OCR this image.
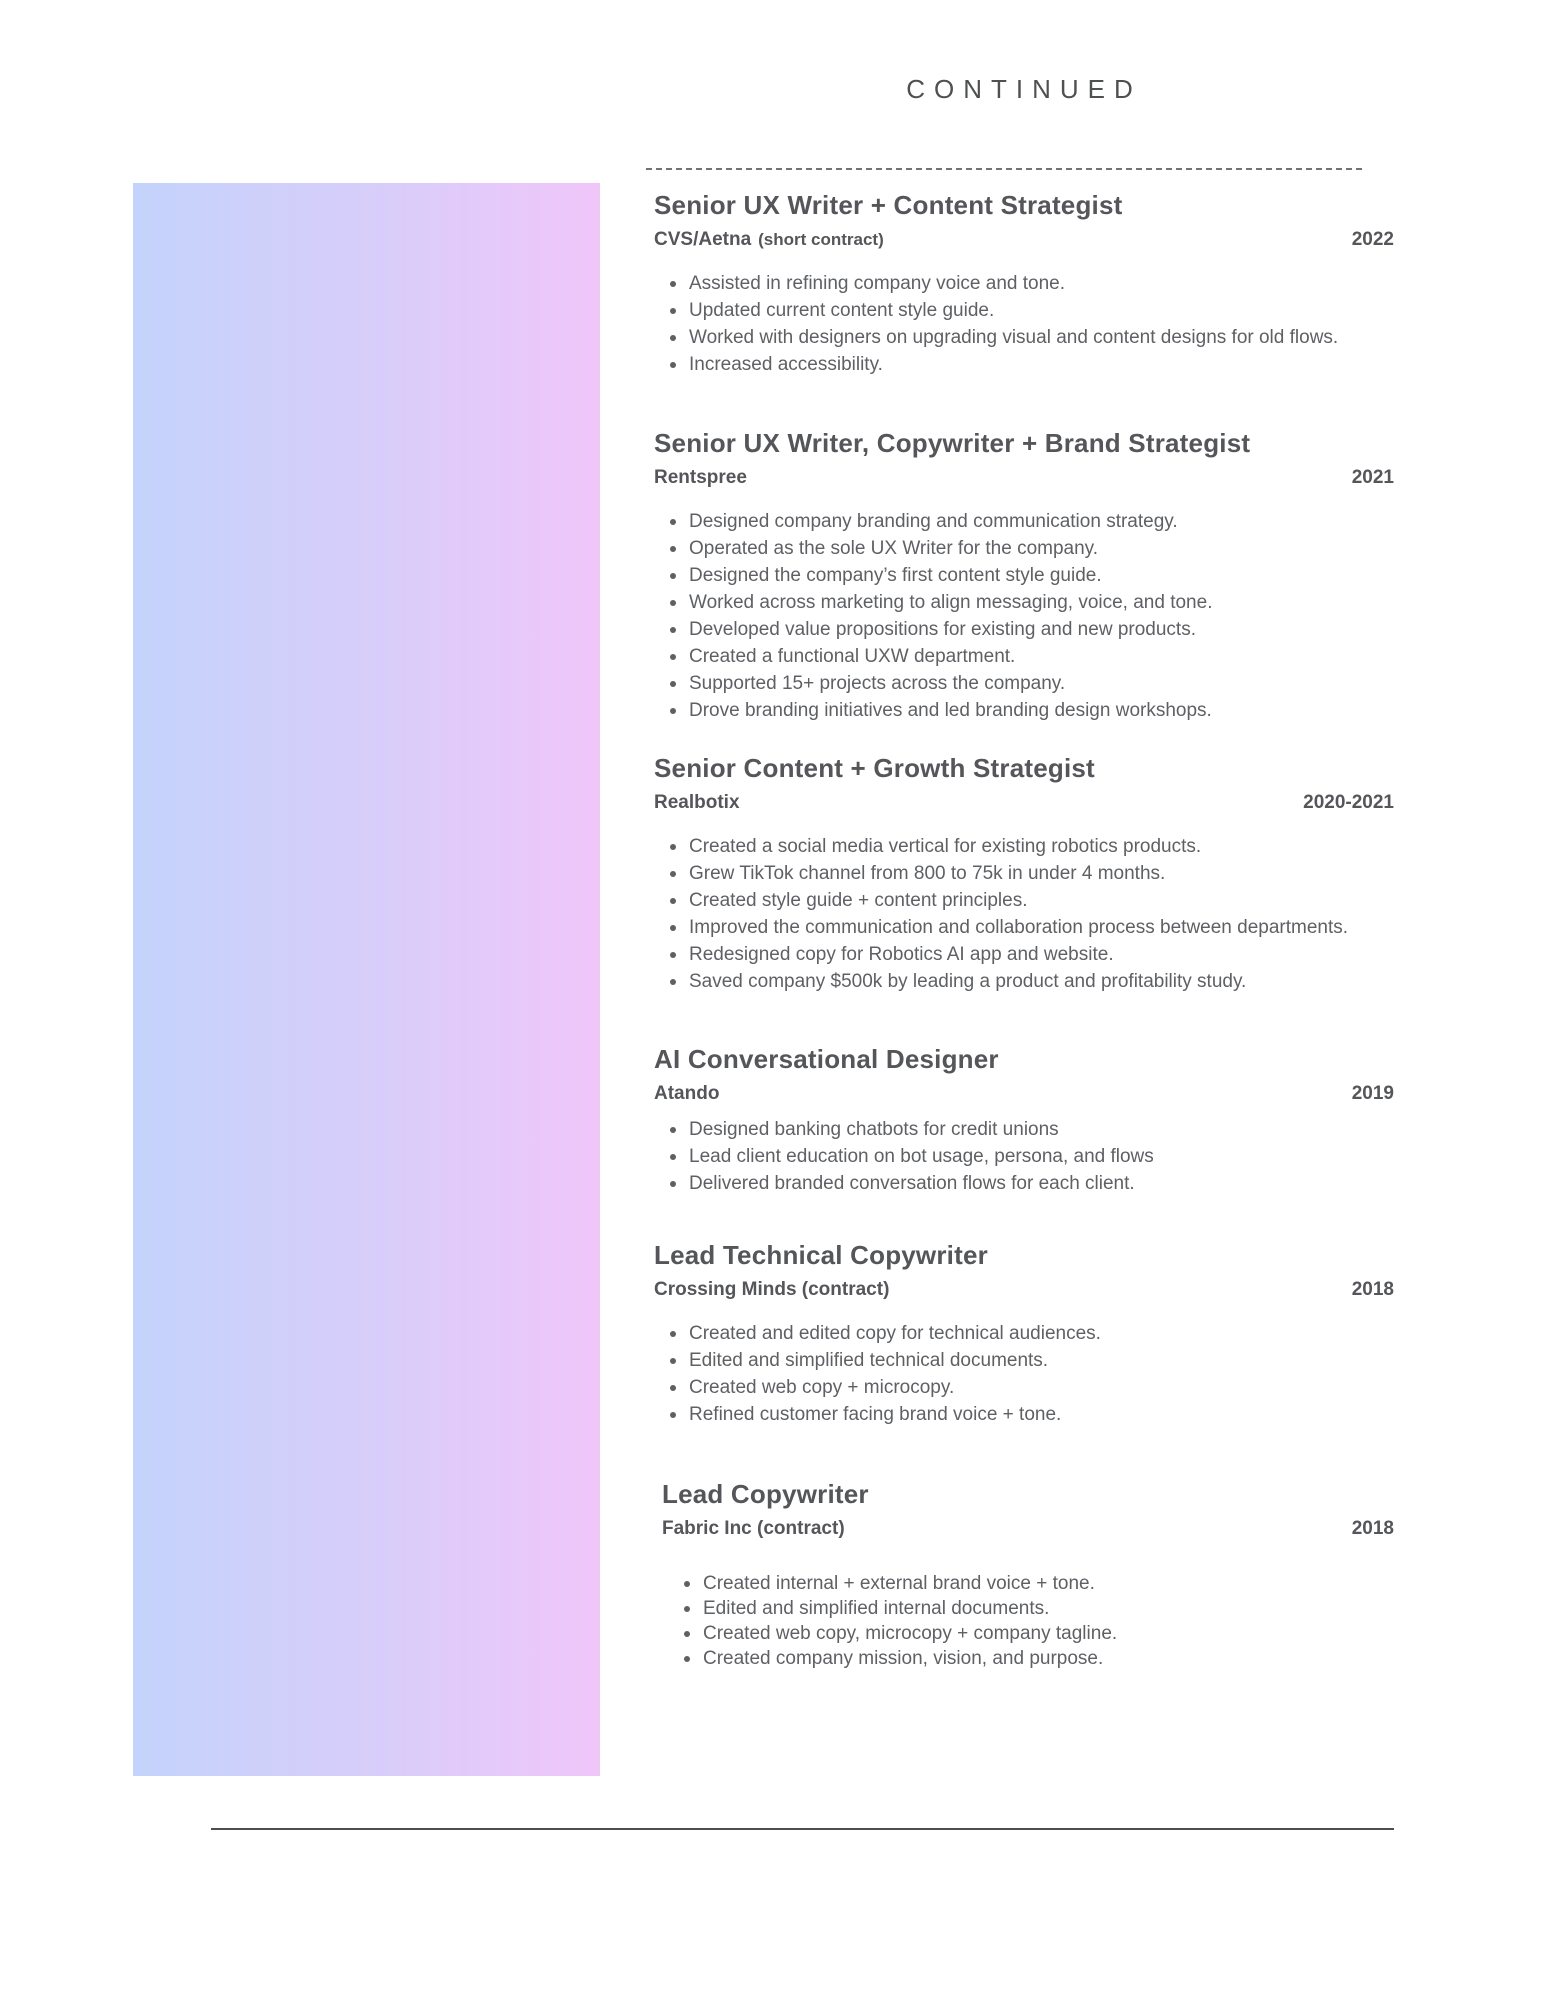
CONTINUED
Senior UX Writer + Content Strategist
CVS/Aetna (short contract)	2022
Assisted in refining company voice and tone.
Updated current content style guide.
Worked with designers on upgrading visual and content designs for old flows.
Increased accessibility.
Senior UX Writer, Copywriter + Brand Strategist
Rentspree	2021
Designed company branding and communication strategy.
Operated as the sole UX Writer for the company.
Designed the company’s first content style guide.
Worked across marketing to align messaging, voice, and tone.
Developed value propositions for existing and new products.
Created a functional UXW department.
Supported 15+ projects across the company.
Drove branding initiatives and led branding design workshops.
Senior Content + Growth Strategist
Realbotix	2020-2021
Created a social media vertical for existing robotics products.
Grew TikTok channel from 800 to 75k in under 4 months.
Created style guide + content principles.
Improved the communication and collaboration process between departments.
Redesigned copy for Robotics AI app and website.
Saved company $500k by leading a product and profitability study.
AI Conversational Designer
Atando	2019
Designed banking chatbots for credit unions
Lead client education on bot usage, persona, and flows
Delivered branded conversation flows for each client.
Lead Technical Copywriter
Crossing Minds (contract)	2018
Created and edited copy for technical audiences.
Edited and simplified technical documents.
Created web copy + microcopy.
Refined customer facing brand voice + tone.
Lead Copywriter
Fabric Inc (contract)	2018
Created internal + external brand voice + tone.
Edited and simplified internal documents.
Created web copy, microcopy + company tagline.
Created company mission, vision, and purpose.
